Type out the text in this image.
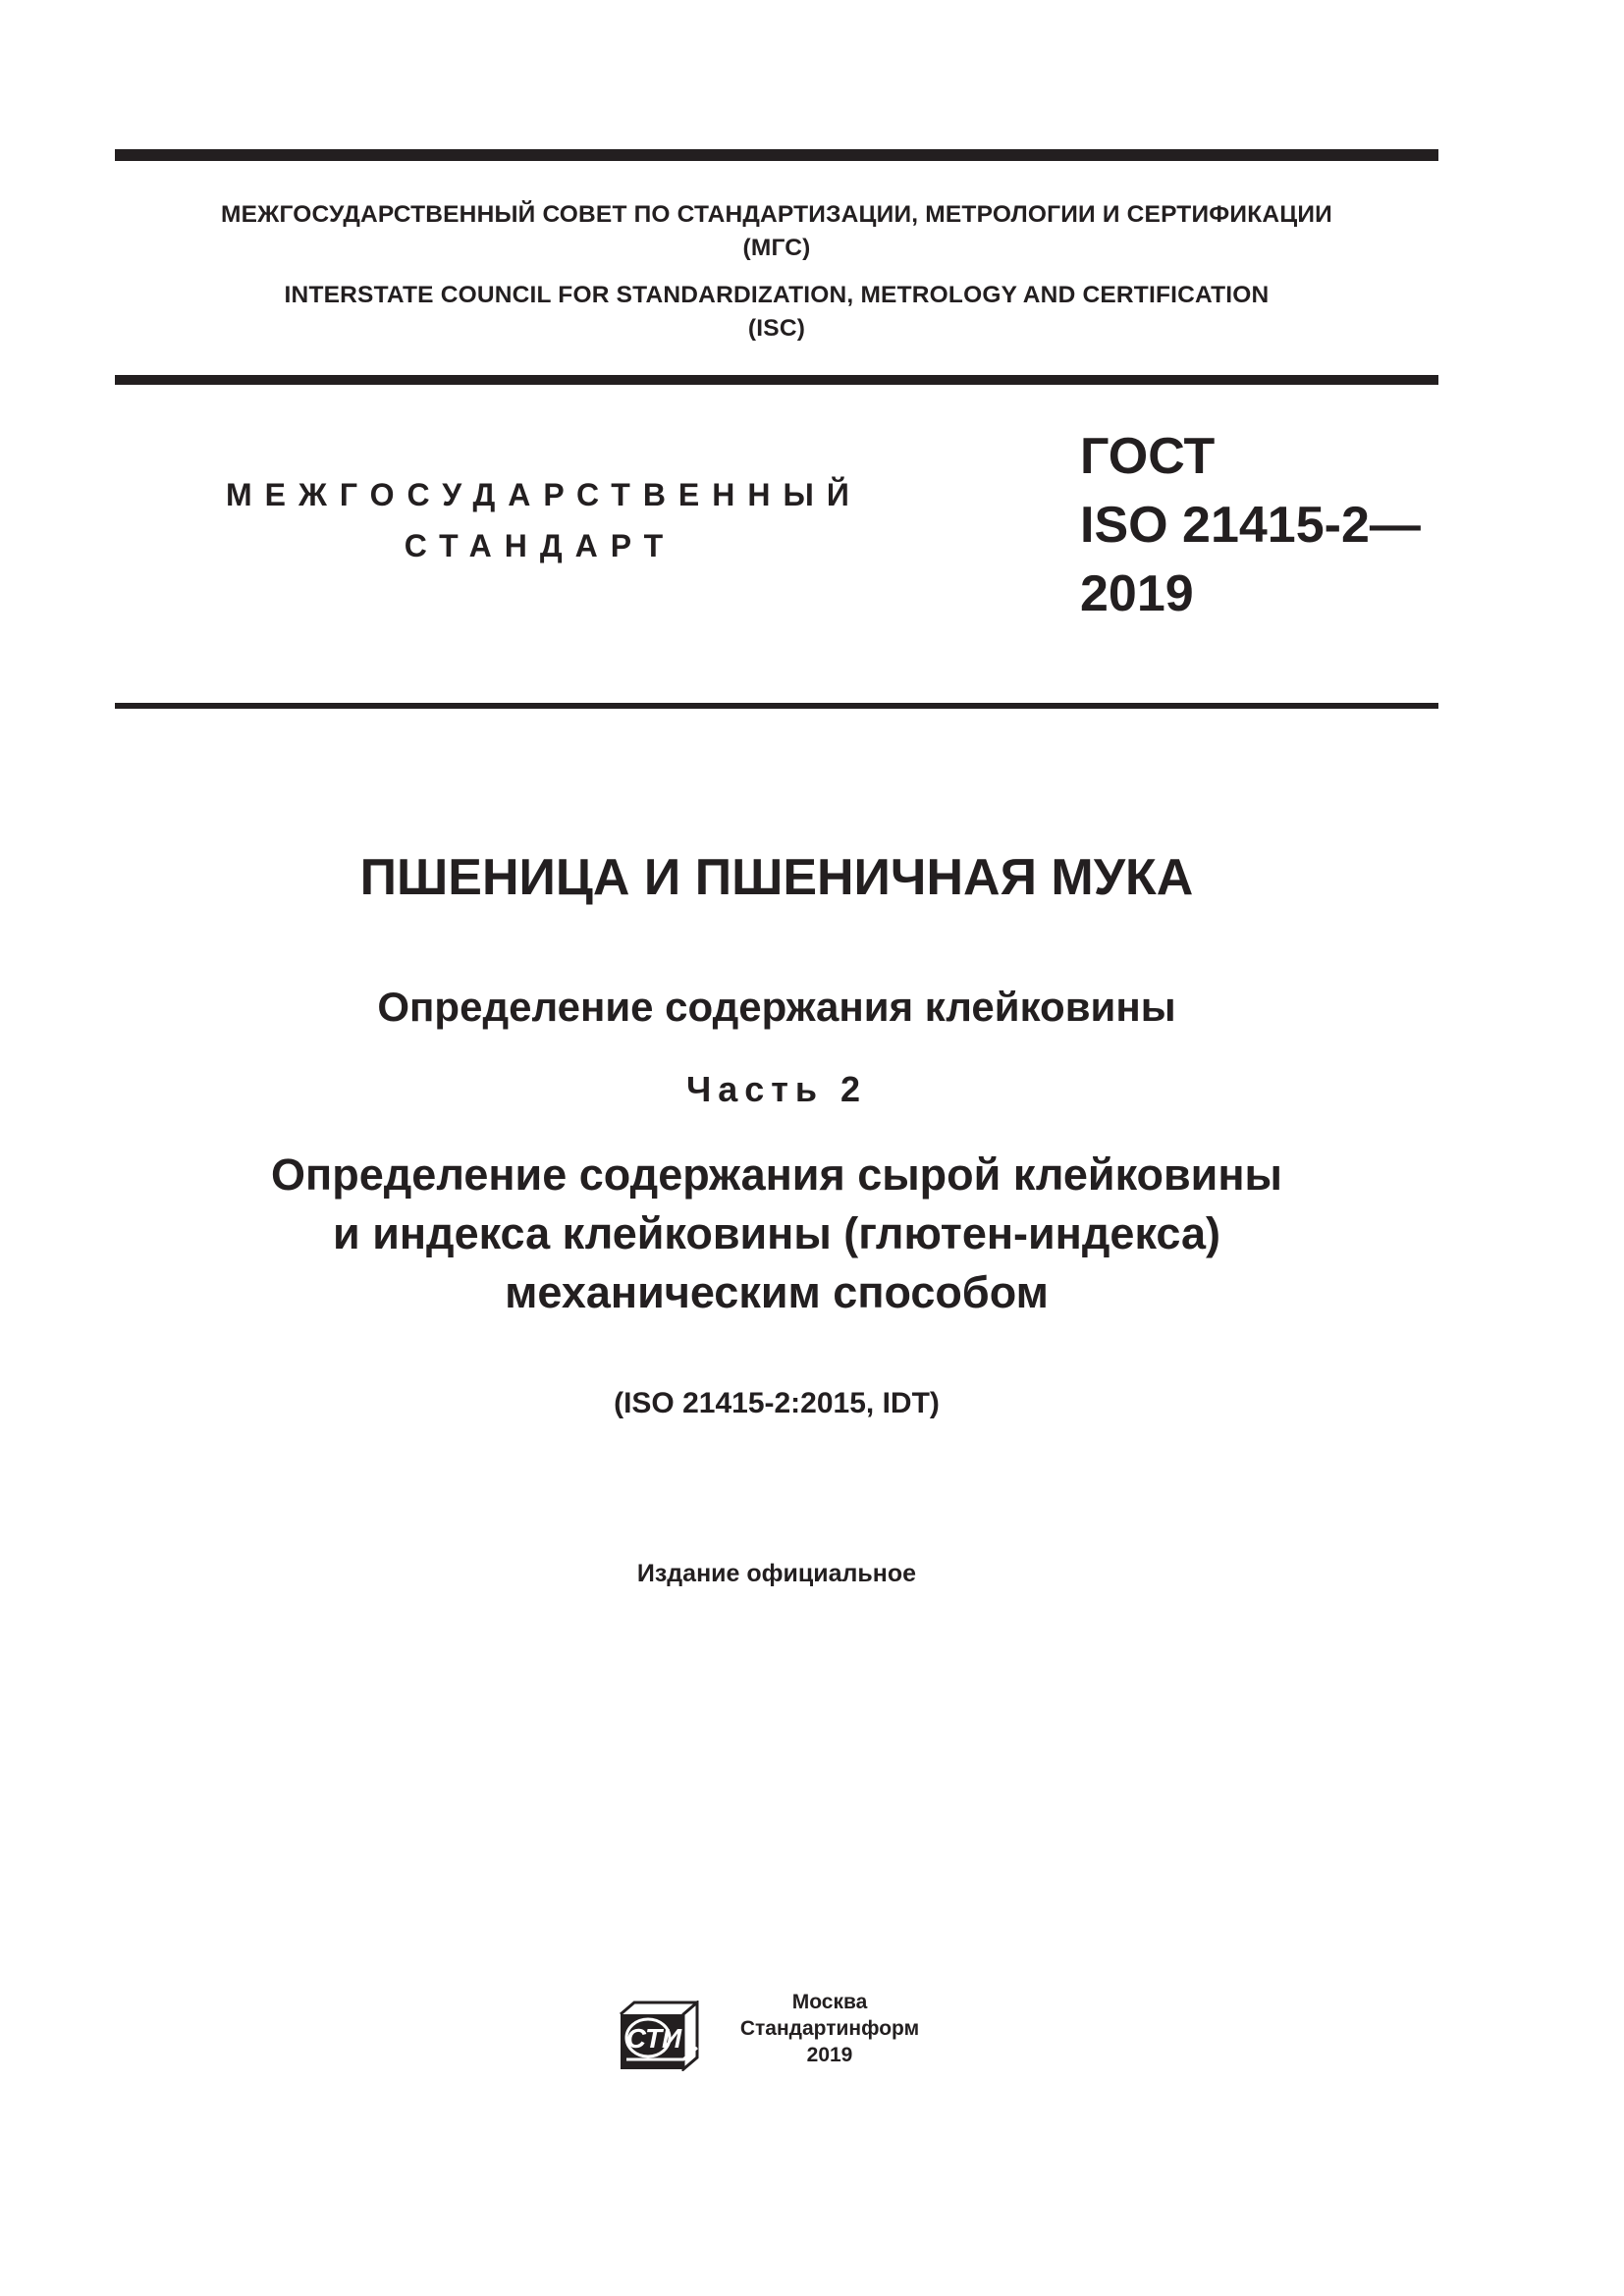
МЕЖГОСУДАРСТВЕННЫЙ СОВЕТ ПО СТАНДАРТИЗАЦИИ, МЕТРОЛОГИИ И СЕРТИФИКАЦИИ
(МГС)
INTERSTATE COUNCIL FOR STANDARDIZATION, METROLOGY AND CERTIFICATION
(ISC)
МЕЖГОСУДАРСТВЕННЫЙ
СТАНДАРТ
ГОСТ
ISO 21415-2—
2019
ПШЕНИЦА И ПШЕНИЧНАЯ МУКА
Определение содержания клейковины
Часть 2
Определение содержания сырой клейковины
и индекса клейковины (глютен-индекса)
механическим способом
(ISO 21415-2:2015, IDT)
Издание официальное
СТИ
Москва
Стандартинформ
2019
